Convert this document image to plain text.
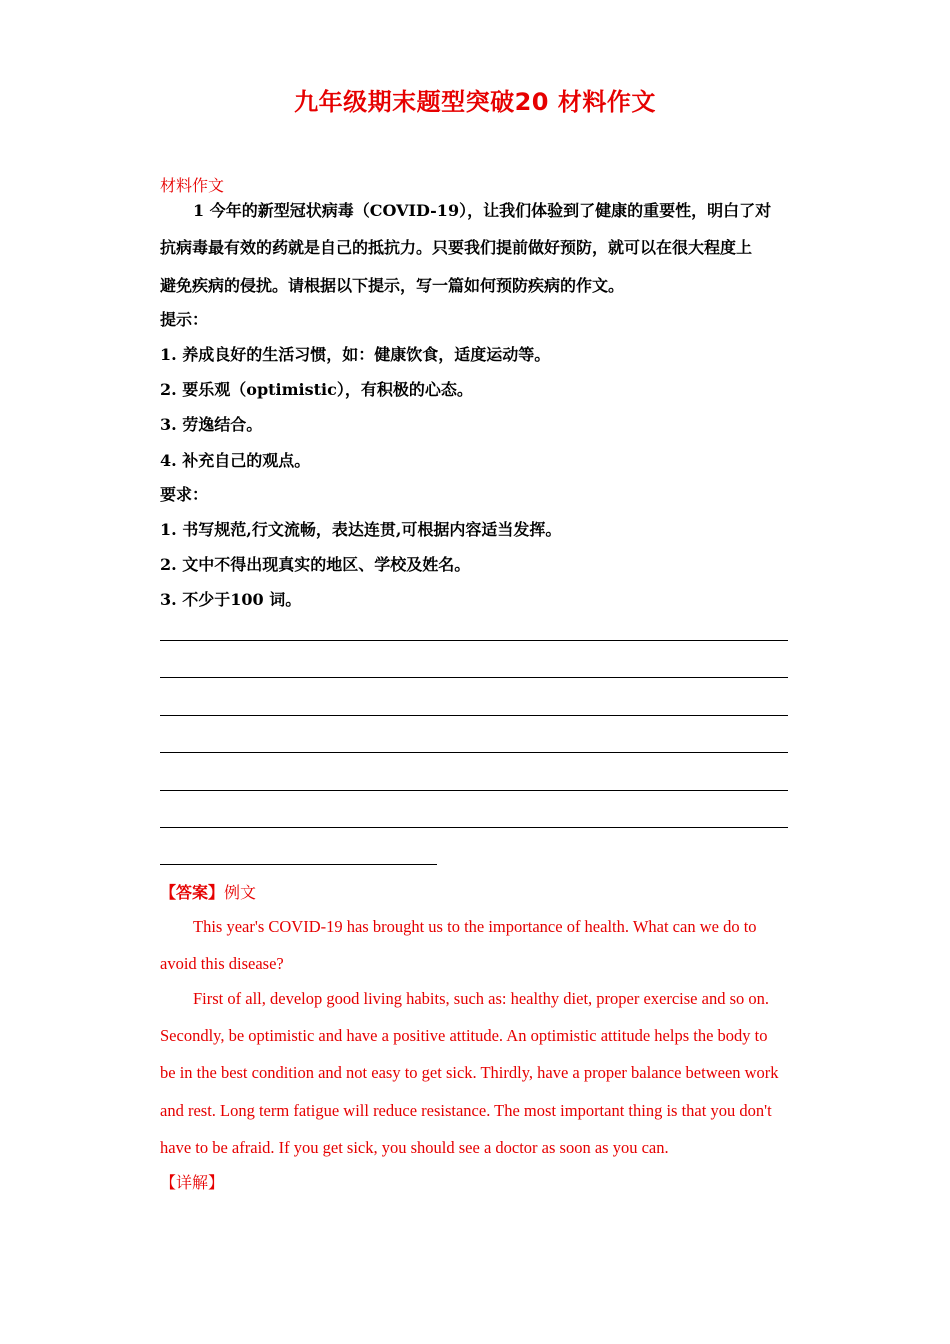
九年级期末题型突破20 材料作文
材料作文
1 今年的新型冠状病毒（COVID-19），让我们体验到了健康的重要性，明白了对
抗病毒最有效的药就是自己的抵抗力。只要我们提前做好预防，就可以在很大程度上
避免疾病的侵扰。请根据以下提示，写一篇如何预防疾病的作文。
提示：
1. 养成良好的生活习惯，如：健康饮食，适度运动等。
2. 要乐观（optimistic），有积极的心态。
3. 劳逸结合。
4. 补充自己的观点。
要求：
1. 书写规范,行文流畅，表达连贯,可根据内容适当发挥。
2. 文中不得出现真实的地区、学校及姓名。
3. 不少于100 词。
【答案】例文
This year's COVID-19 has brought us to the importance of health. What can we do to
avoid this disease?
First of all, develop good living habits, such as: healthy diet, proper exercise and so on.
Secondly, be optimistic and have a positive attitude. An optimistic attitude helps the body to
be in the best condition and not easy to get sick. Thirdly, have a proper balance between work
and rest. Long term fatigue will reduce resistance. The most important thing is that you don't
have to be afraid. If you get sick, you should see a doctor as soon as you can.
【详解】
